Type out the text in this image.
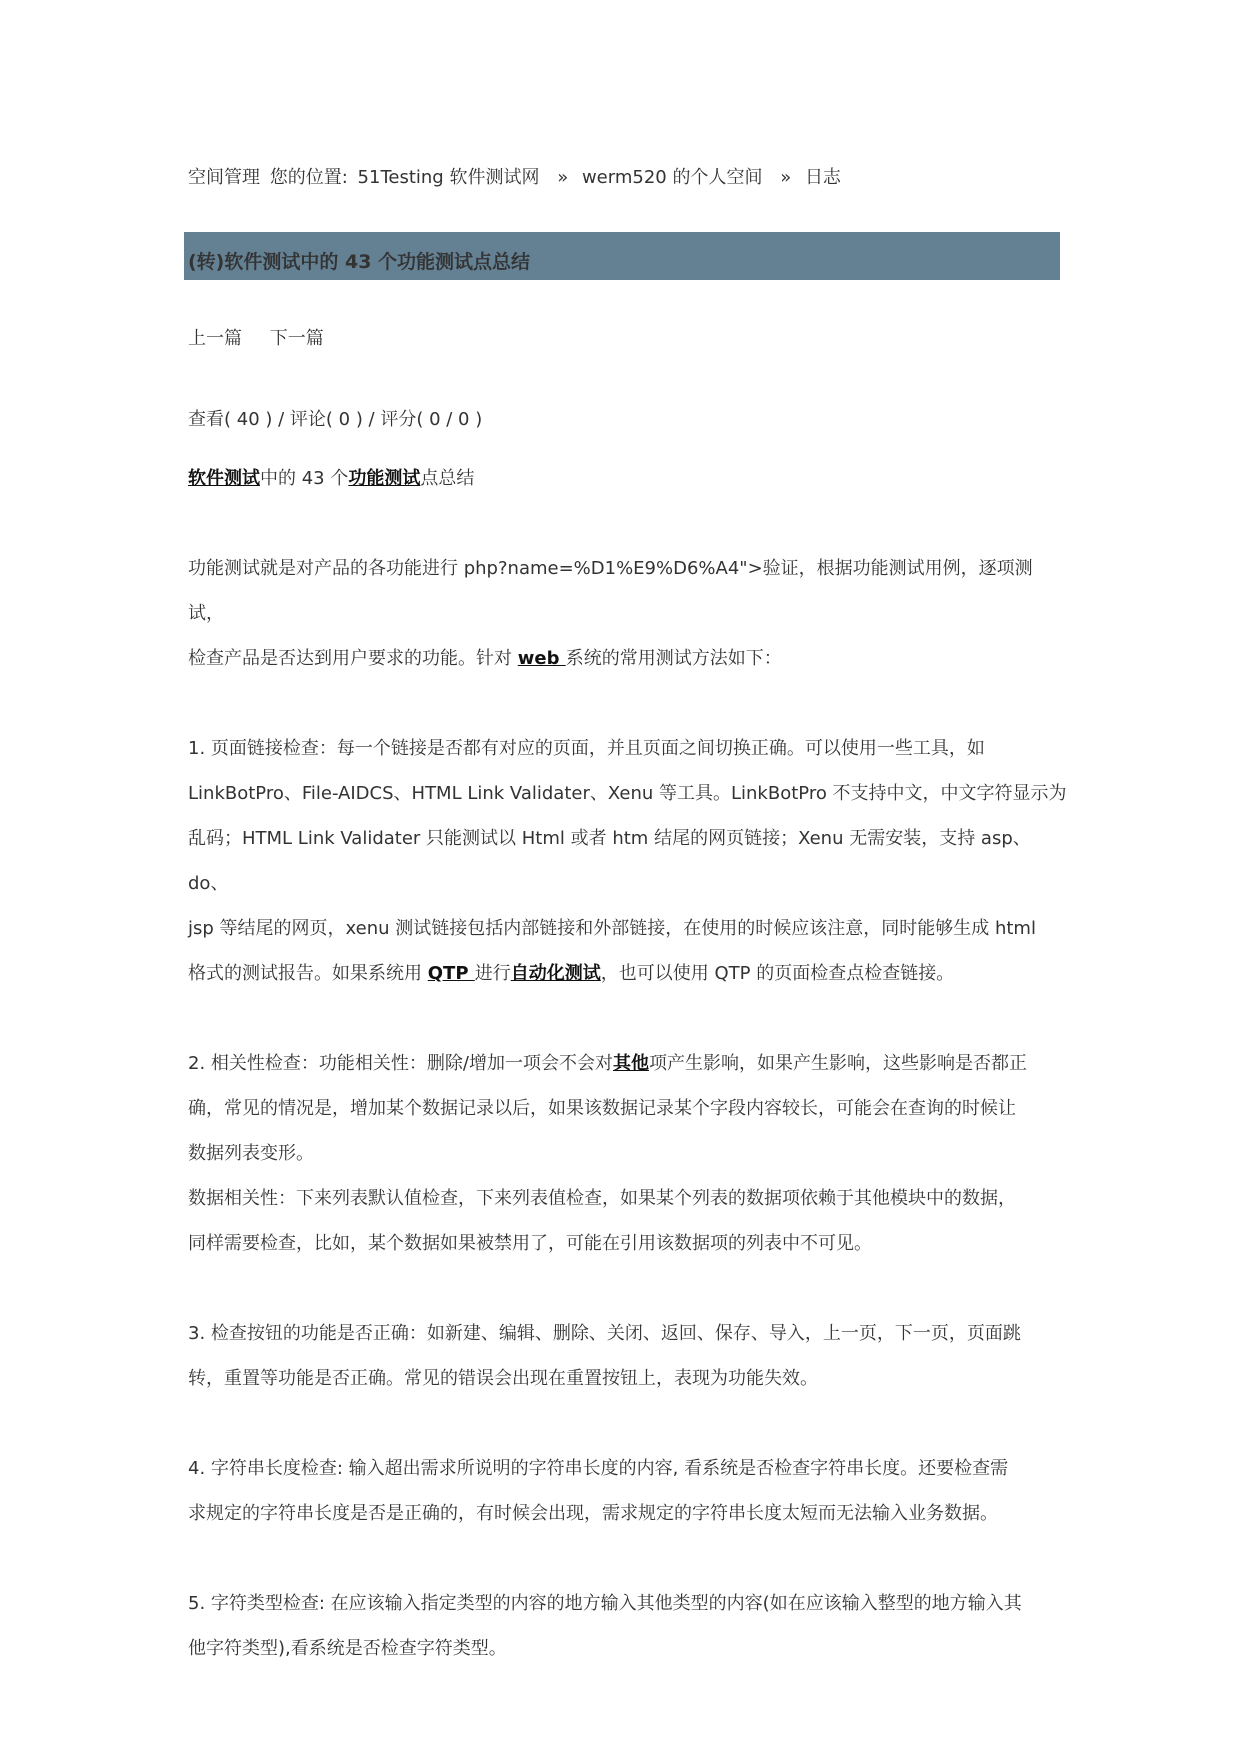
空间管理 您的位置: 51Testing 软件测试网 » werm520 的个人空间 » 日志
(转)软件测试中的 43 个功能测试点总结
上一篇 下一篇
查看( 40 ) / 评论( 0 ) / 评分( 0 / 0 )
软件测试中的 43 个功能测试点总结

功能测试就是对产品的各功能进行 php?name=%D1%E9%D6%A4">验证，根据功能测试用例，逐项测试，

检查产品是否达到用户要求的功能。针对 web 系统的常用测试方法如下：

1. 页面链接检查：每一个链接是否都有对应的页面，并且页面之间切换正确。可以使用一些工具，如

LinkBotPro、File-AIDCS、HTML Link Validater、Xenu 等工具。LinkBotPro 不支持中文，中文字符显示为

乱码；HTML Link Validater 只能测试以 Html 或者 htm 结尾的网页链接；Xenu 无需安装，支持 asp、do、

jsp 等结尾的网页，xenu 测试链接包括内部链接和外部链接，在使用的时候应该注意，同时能够生成 html

格式的测试报告。如果系统用 QTP 进行自动化测试，也可以使用 QTP 的页面检查点检查链接。

2. 相关性检查：功能相关性：删除/增加一项会不会对其他项产生影响，如果产生影响，这些影响是否都正

确，常见的情况是，增加某个数据记录以后，如果该数据记录某个字段内容较长，可能会在查询的时候让

数据列表变形。

数据相关性：下来列表默认值检查，下来列表值检查，如果某个列表的数据项依赖于其他模块中的数据，

同样需要检查，比如，某个数据如果被禁用了，可能在引用该数据项的列表中不可见。

3. 检查按钮的功能是否正确：如新建、编辑、删除、关闭、返回、保存、导入，上一页，下一页，页面跳

转，重置等功能是否正确。常见的错误会出现在重置按钮上，表现为功能失效。

4. 字符串长度检查: 输入超出需求所说明的字符串长度的内容, 看系统是否检查字符串长度。还要检查需

求规定的字符串长度是否是正确的，有时候会出现，需求规定的字符串长度太短而无法输入业务数据。

5. 字符类型检查: 在应该输入指定类型的内容的地方输入其他类型的内容(如在应该输入整型的地方输入其

他字符类型),看系统是否检查字符类型。
